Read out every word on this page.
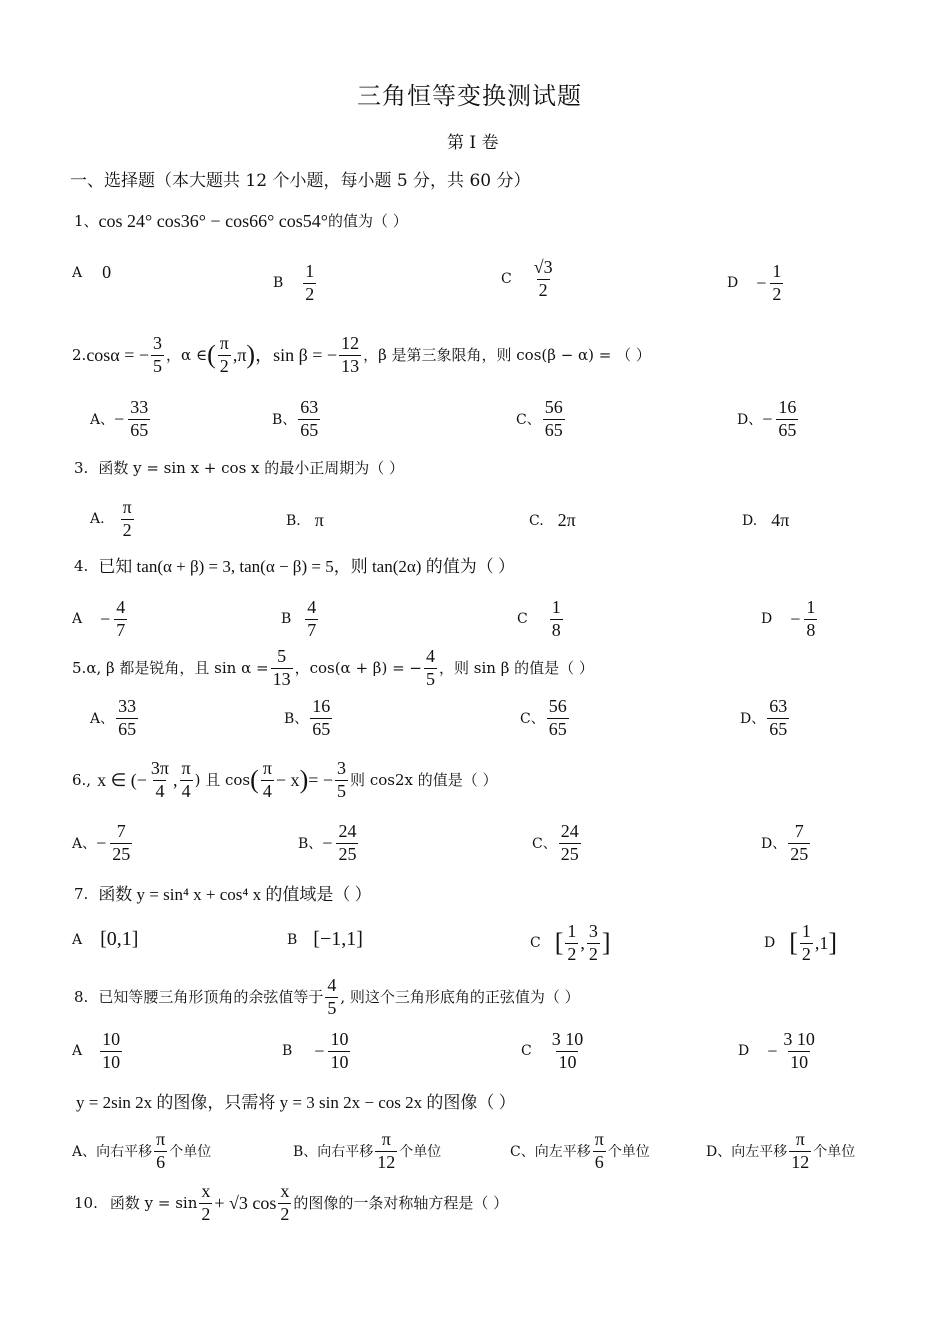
三角恒等变换测试题
第 I 卷
一、选择题（本大题共 12 个小题，每小题 5 分，共 60 分）
1、 cos 24° cos36° − cos66° cos54° 的值为（ ）
A 0
B $\frac{1}{2}$	C $\frac{√3}{2}$	$D - \frac{1}{2}$
2. cosα = − $\frac{3}{5}$ ，α ∈ ( $\frac{\pi}{2} ,\pi$ ) ，sin β = − $\frac{12}{13}$ ，β 是第三象限角，则 cos(β − α) = （ ）
A、 − $\frac{33}{65}$	B、 $\frac{63}{65}$	C、 $\frac{56}{65}$	D、 − $\frac{16}{65}$
3. 函数 y = sin x + cos x 的最小正周期为（ ）
A. $\frac{\pi}{2}$	B. π	C. 2π	D. 4π
4. 已知 tan(α + β) = 3, tan(α − β) = 5，则 tan(2α) 的值为（ ）
$A - \frac{4}{7}$	B $\frac{4}{7}$	C $\frac{1}{8}$	$D - \frac{1}{8}$
5. α, β 都是锐角，且 $\sin \alpha = \frac{5}{13}$ ，cos(α + β) = − $\frac{4}{5}$ ，则 sin β 的值是（ ）
A、 $\frac{33}{65}$	B、 $\frac{16}{65}$	C、 $\frac{56}{65}$	D、 $\frac{63}{65}$
6., x ∈ (− $\frac{3\pi}{4}$ , $\frac{\pi}{4}$ ) 且 cos ( $\frac{\pi}{4} - x$ ) = − $\frac{3}{5}$ 则 cos2x 的值是（ ）
A、 − $\frac{7}{25}$	B、 − $\frac{24}{25}$	C、 $\frac{24}{25}$	D、 $\frac{7}{25}$
7. 函数 y = sin⁴ x + cos⁴ x 的值域是（ ）
A [0,1]	B [−1,1]	C [ $\frac{1}{2}$ , $\frac{3}{2}$ ]	D [ $\frac{1}{2} ,1$ ]
8. 已知等腰三角形顶角的余弦值等于 $\frac{4}{5}$ , 则这个三角形底角的正弦值为（ ）
A $\frac{10}{10}$	$B - \frac{10}{10}$	C $\frac{3 10}{10}$	$D - \frac{3 10}{10}$
y = 2sin 2x 的图像，只需将 y = 3 sin 2x − cos 2x 的图像（ ）
A、向右平移 $\frac{\pi}{6}$ 个单位	B、向右平移 $\frac{\pi}{12}$ 个单位	C、向左平移 $\frac{\pi}{6}$ 个单位	D、向左平移 $\frac{\pi}{12}$ 个单位
10. 函数 $y = \sin \frac{x}{2} + √3$ $\cos \frac{x}{2}$ 的图像的一条对称轴方程是（ ）
